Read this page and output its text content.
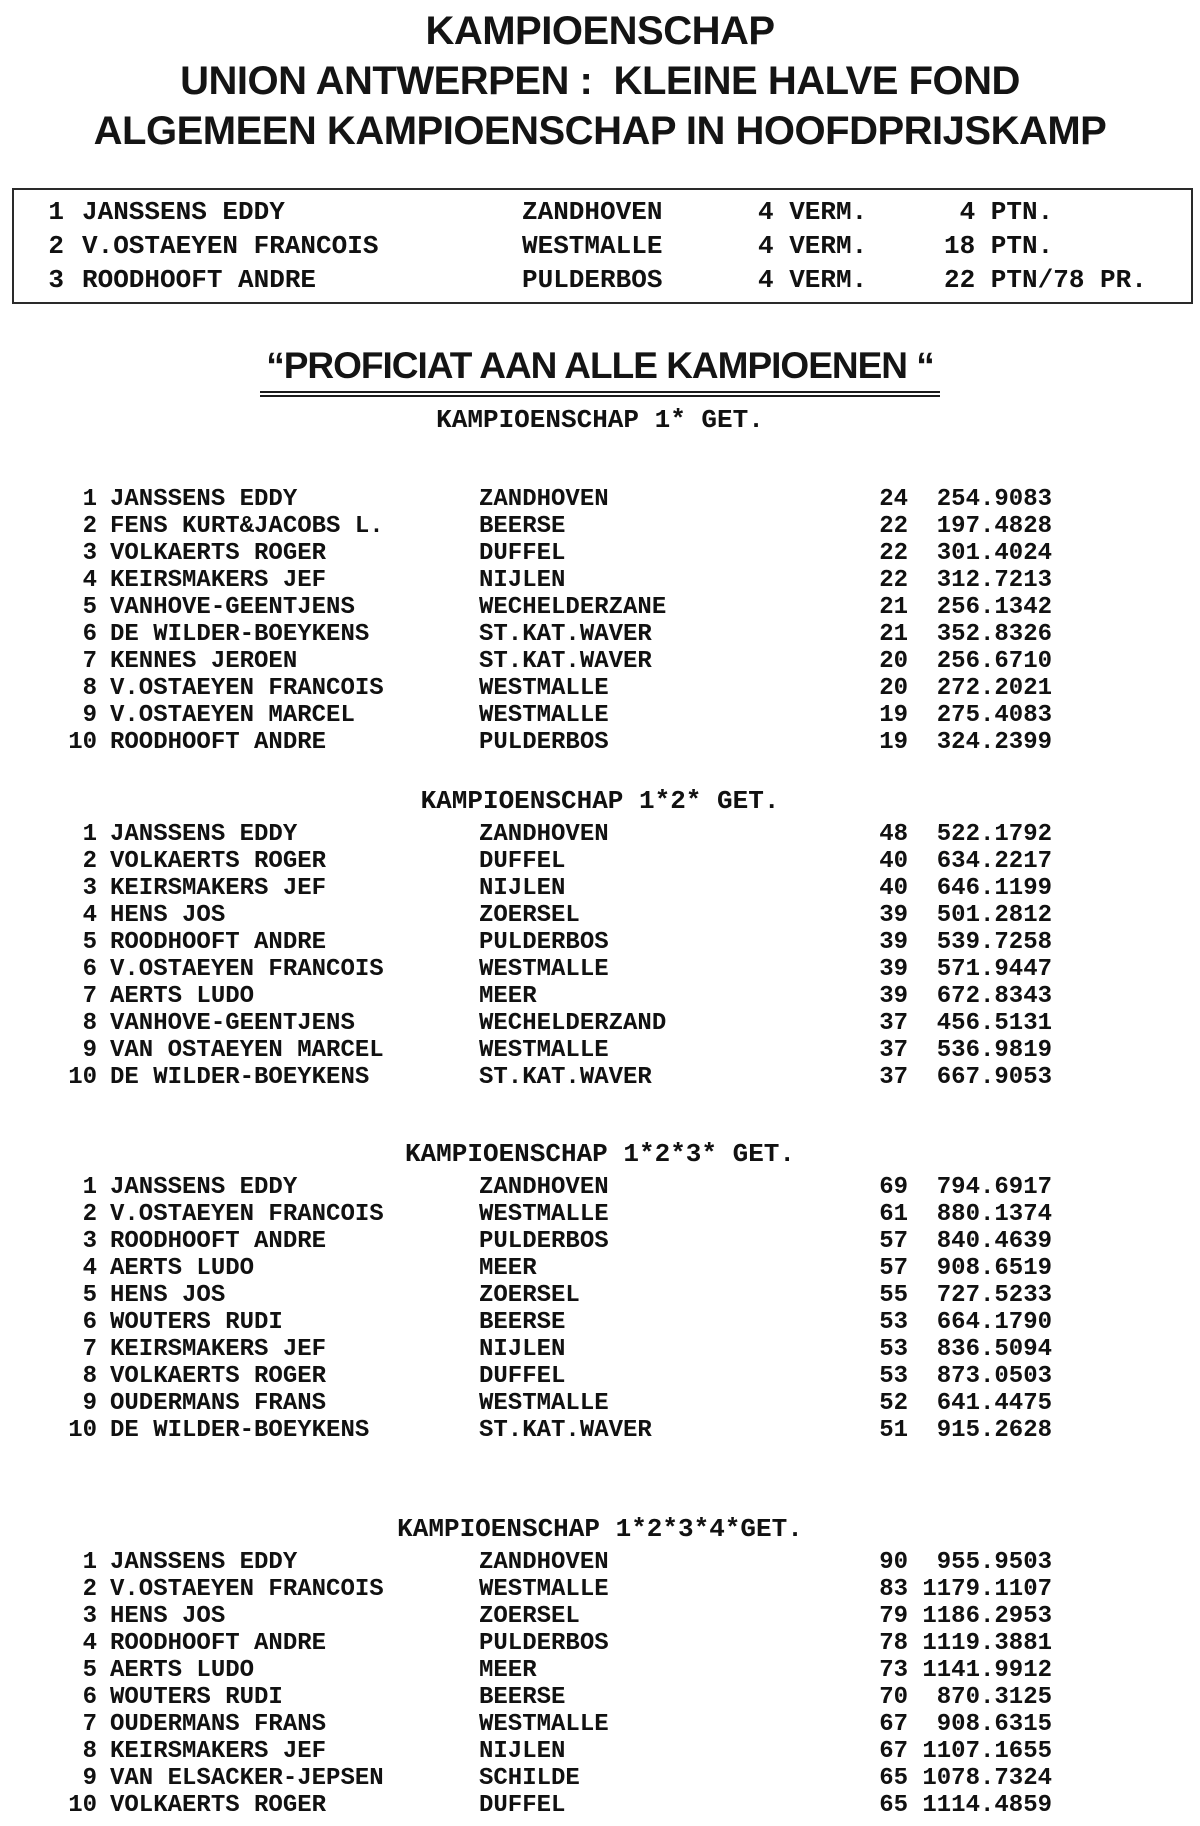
KAMPIOENSCHAP
UNION ANTWERPEN :  KLEINE HALVE FOND
ALGEMEEN KAMPIOENSCHAP IN HOOFDPRIJSKAMP
1 JANSSENS EDDY	ZANDHOVEN	4 VERM.	4 PTN.
2 V.OSTAEYEN FRANCOIS	WESTMALLE	4 VERM.	18 PTN.
3 ROODHOOFT ANDRE	PULDERBOS	4 VERM.	22 PTN/78 PR.
“PROFICIAT AAN ALLE KAMPIOENEN “
KAMPIOENSCHAP 1* GET.
1 JANSSENS EDDY	ZANDHOVEN	24	254.9083
2 FENS KURT&JACOBS L.	BEERSE	22	197.4828
3 VOLKAERTS ROGER	DUFFEL	22	301.4024
4 KEIRSMAKERS JEF	NIJLEN	22	312.7213
5 VANHOVE-GEENTJENS	WECHELDERZANE	21	256.1342
6 DE WILDER-BOEYKENS	ST.KAT.WAVER	21	352.8326
7 KENNES JEROEN	ST.KAT.WAVER	20	256.6710
8 V.OSTAEYEN FRANCOIS	WESTMALLE	20	272.2021
9 V.OSTAEYEN MARCEL	WESTMALLE	19	275.4083
10 ROODHOOFT ANDRE	PULDERBOS	19	324.2399
KAMPIOENSCHAP 1*2* GET.
1 JANSSENS EDDY	ZANDHOVEN	48	522.1792
2 VOLKAERTS ROGER	DUFFEL	40	634.2217
3 KEIRSMAKERS JEF	NIJLEN	40	646.1199
4 HENS JOS	ZOERSEL	39	501.2812
5 ROODHOOFT ANDRE	PULDERBOS	39	539.7258
6 V.OSTAEYEN FRANCOIS	WESTMALLE	39	571.9447
7 AERTS LUDO	MEER	39	672.8343
8 VANHOVE-GEENTJENS	WECHELDERZAND	37	456.5131
9 VAN OSTAEYEN MARCEL	WESTMALLE	37	536.9819
10 DE WILDER-BOEYKENS	ST.KAT.WAVER	37	667.9053
KAMPIOENSCHAP 1*2*3* GET.
1 JANSSENS EDDY	ZANDHOVEN	69	794.6917
2 V.OSTAEYEN FRANCOIS	WESTMALLE	61	880.1374
3 ROODHOOFT ANDRE	PULDERBOS	57	840.4639
4 AERTS LUDO	MEER	57	908.6519
5 HENS JOS	ZOERSEL	55	727.5233
6 WOUTERS RUDI	BEERSE	53	664.1790
7 KEIRSMAKERS JEF	NIJLEN	53	836.5094
8 VOLKAERTS ROGER	DUFFEL	53	873.0503
9 OUDERMANS FRANS	WESTMALLE	52	641.4475
10 DE WILDER-BOEYKENS	ST.KAT.WAVER	51	915.2628
KAMPIOENSCHAP 1*2*3*4*GET.
1 JANSSENS EDDY	ZANDHOVEN	90	955.9503
2 V.OSTAEYEN FRANCOIS	WESTMALLE	83 1179.1107
3 HENS JOS	ZOERSEL	79 1186.2953
4 ROODHOOFT ANDRE	PULDERBOS	78 1119.3881
5 AERTS LUDO	MEER	73 1141.9912
6 WOUTERS RUDI	BEERSE	70	870.3125
7 OUDERMANS FRANS	WESTMALLE	67	908.6315
8 KEIRSMAKERS JEF	NIJLEN	67 1107.1655
9 VAN ELSACKER-JEPSEN	SCHILDE	65 1078.7324
10 VOLKAERTS ROGER	DUFFEL	65 1114.4859
